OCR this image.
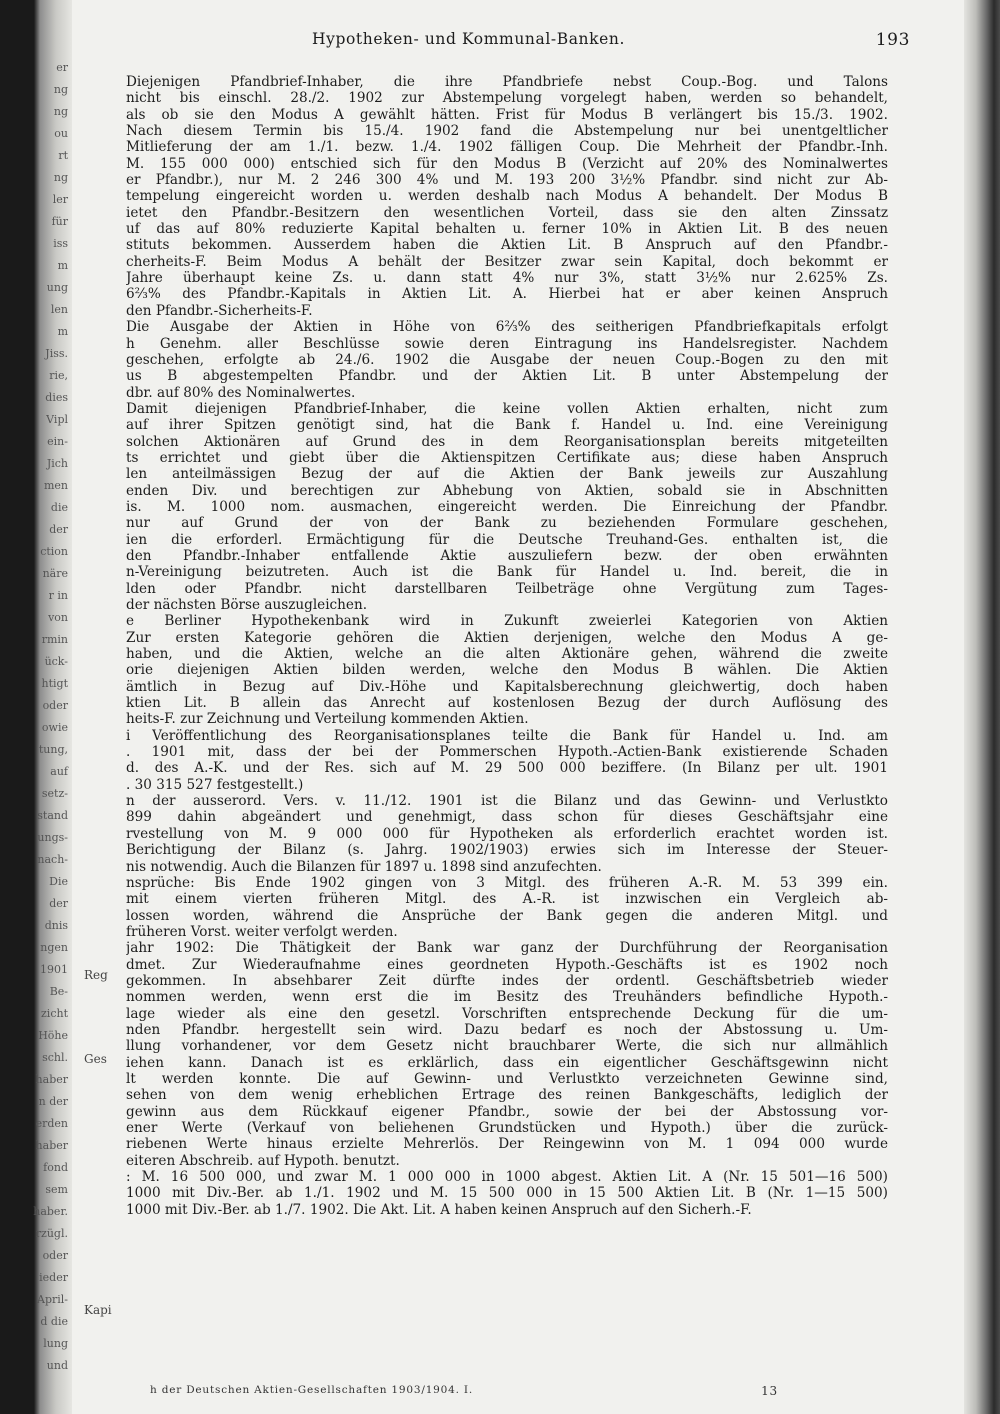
er
ng
ng
ou
rt
ng
ler
für
iss
m
ung
len
m
Jiss.
rie,
dies
Vipl
ein-
Jich
men
die
der
ction
näre
r in
von
rmin
ück-
htigt
oder
owie
tung,
auf
setz-
stand
ungs-
nach-
Die
der
dnis
ngen
1901
Be-
zicht
Höhe
schl.
haber
n der
erden
haber
fond
sem
haber.
rzügl.
oder
ieder
April-
d die
lung
und
Reg
Ges
Kapi
Hypotheken- und Kommunal-Banken.	193
Diejenigen Pfandbrief-Inhaber, die ihre Pfandbriefe nebst Coup.-Bog. und Talons
nicht bis einschl. 28./2. 1902 zur Abstempelung vorgelegt haben, werden so behandelt,
als ob sie den Modus A gewählt hätten. Frist für Modus B verlängert bis 15./3. 1902.
Nach diesem Termin bis 15./4. 1902 fand die Abstempelung nur bei unentgeltlicher
Mitlieferung der am 1./1. bezw. 1./4. 1902 fälligen Coup. Die Mehrheit der Pfandbr.-Inh.
M. 155 000 000) entschied sich für den Modus B (Verzicht auf 20% des Nominalwertes
er Pfandbr.), nur M. 2 246 300 4% und M. 193 200 3½% Pfandbr. sind nicht zur Ab-
tempelung eingereicht worden u. werden deshalb nach Modus A behandelt. Der Modus B
ietet den Pfandbr.-Besitzern den wesentlichen Vorteil, dass sie den alten Zinssatz
uf das auf 80% reduzierte Kapital behalten u. ferner 10% in Aktien Lit. B des neuen
stituts bekommen. Ausserdem haben die Aktien Lit. B Anspruch auf den Pfandbr.-
cherheits-F. Beim Modus A behält der Besitzer zwar sein Kapital, doch bekommt er
Jahre überhaupt keine Zs. u. dann statt 4% nur 3%, statt 3½% nur 2.625% Zs.
6⅔% des Pfandbr.-Kapitals in Aktien Lit. A. Hierbei hat er aber keinen Anspruch
den Pfandbr.-Sicherheits-F.
Die Ausgabe der Aktien in Höhe von 6⅔% des seitherigen Pfandbriefkapitals erfolgt
h Genehm. aller Beschlüsse sowie deren Eintragung ins Handelsregister. Nachdem
geschehen, erfolgte ab 24./6. 1902 die Ausgabe der neuen Coup.-Bogen zu den mit
us B abgestempelten Pfandbr. und der Aktien Lit. B unter Abstempelung der
dbr. auf 80% des Nominalwertes.
Damit diejenigen Pfandbrief-Inhaber, die keine vollen Aktien erhalten, nicht zum
auf ihrer Spitzen genötigt sind, hat die Bank f. Handel u. Ind. eine Vereinigung
solchen Aktionären auf Grund des in dem Reorganisationsplan bereits mitgeteilten
ts errichtet und giebt über die Aktienspitzen Certifikate aus; diese haben Anspruch
len anteilmässigen Bezug der auf die Aktien der Bank jeweils zur Auszahlung
enden Div. und berechtigen zur Abhebung von Aktien, sobald sie in Abschnitten
is. M. 1000 nom. ausmachen, eingereicht werden. Die Einreichung der Pfandbr.
nur auf Grund der von der Bank zu beziehenden Formulare geschehen,
ien die erforderl. Ermächtigung für die Deutsche Treuhand-Ges. enthalten ist, die
den Pfandbr.-Inhaber entfallende Aktie auszuliefern bezw. der oben erwähnten
n-Vereinigung beizutreten. Auch ist die Bank für Handel u. Ind. bereit, die in
lden oder Pfandbr. nicht darstellbaren Teilbeträge ohne Vergütung zum Tages-
der nächsten Börse auszugleichen.
e Berliner Hypothekenbank wird in Zukunft zweierlei Kategorien von Aktien
Zur ersten Kategorie gehören die Aktien derjenigen, welche den Modus A ge-
haben, und die Aktien, welche an die alten Aktionäre gehen, während die zweite
orie diejenigen Aktien bilden werden, welche den Modus B wählen. Die Aktien
ämtlich in Bezug auf Div.-Höhe und Kapitalsberechnung gleichwertig, doch haben
ktien Lit. B allein das Anrecht auf kostenlosen Bezug der durch Auflösung des
heits-F. zur Zeichnung und Verteilung kommenden Aktien.
i Veröffentlichung des Reorganisationsplanes teilte die Bank für Handel u. Ind. am
. 1901 mit, dass der bei der Pommerschen Hypoth.-Actien-Bank existierende Schaden
d. des A.-K. und der Res. sich auf M. 29 500 000 beziffere. (In Bilanz per ult. 1901
. 30 315 527 festgestellt.)
n der ausserord. Vers. v. 11./12. 1901 ist die Bilanz und das Gewinn- und Verlustkto
899 dahin abgeändert und genehmigt, dass schon für dieses Geschäftsjahr eine
rvestellung von M. 9 000 000 für Hypotheken als erforderlich erachtet worden ist.
Berichtigung der Bilanz (s. Jahrg. 1902/1903) erwies sich im Interesse der Steuer-
nis notwendig. Auch die Bilanzen für 1897 u. 1898 sind anzufechten.
nsprüche: Bis Ende 1902 gingen von 3 Mitgl. des früheren A.-R. M. 53 399 ein.
mit einem vierten früheren Mitgl. des A.-R. ist inzwischen ein Vergleich ab-
lossen worden, während die Ansprüche der Bank gegen die anderen Mitgl. und
früheren Vorst. weiter verfolgt werden.
jahr 1902: Die Thätigkeit der Bank war ganz der Durchführung der Reorganisation
dmet. Zur Wiederaufnahme eines geordneten Hypoth.-Geschäfts ist es 1902 noch
gekommen. In absehbarer Zeit dürfte indes der ordentl. Geschäftsbetrieb wieder
nommen werden, wenn erst die im Besitz des Treuhänders befindliche Hypoth.-
lage wieder als eine den gesetzl. Vorschriften entsprechende Deckung für die um-
nden Pfandbr. hergestellt sein wird. Dazu bedarf es noch der Abstossung u. Um-
llung vorhandener, vor dem Gesetz nicht brauchbarer Werte, die sich nur allmählich
iehen kann. Danach ist es erklärlich, dass ein eigentlicher Geschäftsgewinn nicht
lt werden konnte. Die auf Gewinn- und Verlustkto verzeichneten Gewinne sind,
sehen von dem wenig erheblichen Ertrage des reinen Bankgeschäfts, lediglich der
gewinn aus dem Rückkauf eigener Pfandbr., sowie der bei der Abstossung vor-
ener Werte (Verkauf von beliehenen Grundstücken und Hypoth.) über die zurück-
riebenen Werte hinaus erzielte Mehrerlös. Der Reingewinn von M. 1 094 000 wurde
eiteren Abschreib. auf Hypoth. benutzt.
: M. 16 500 000, und zwar M. 1 000 000 in 1000 abgest. Aktien Lit. A (Nr. 15 501—16 500)
1000 mit Div.-Ber. ab 1./1. 1902 und M. 15 500 000 in 15 500 Aktien Lit. B (Nr. 1—15 500)
1000 mit Div.-Ber. ab 1./7. 1902. Die Akt. Lit. A haben keinen Anspruch auf den Sicherh.-F.
h der Deutschen Aktien-Gesellschaften 1903/1904. I.	13
